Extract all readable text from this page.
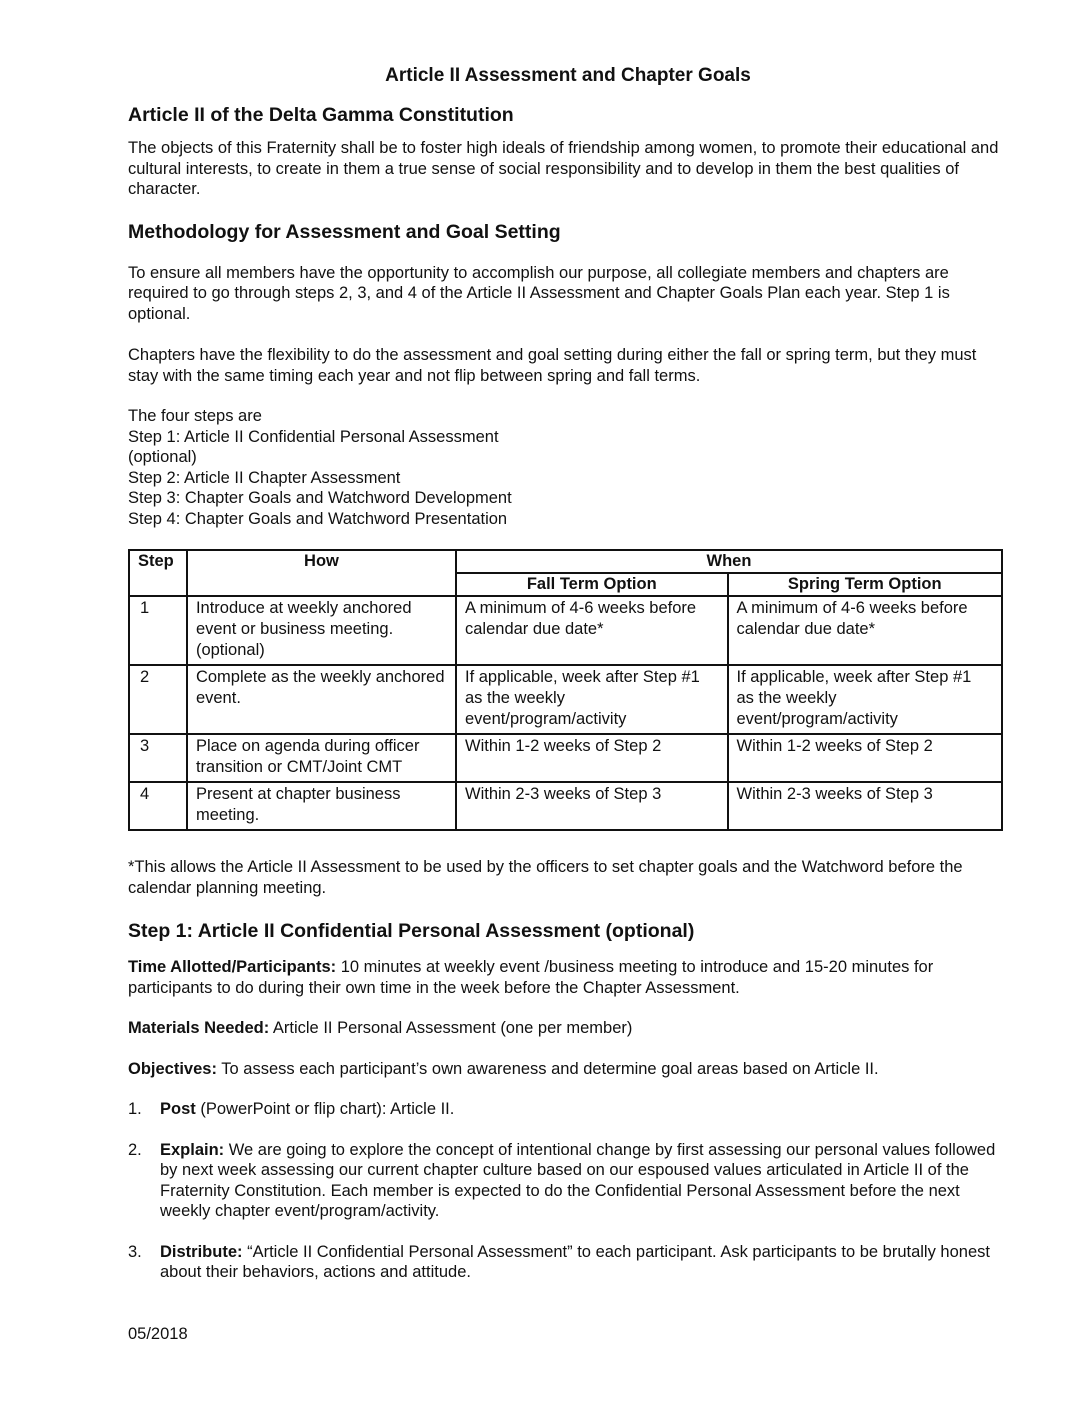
Article II Assessment and Chapter Goals
Article II of the Delta Gamma Constitution

The objects of this Fraternity shall be to foster high ideals of friendship among women, to promote their educational and cultural interests, to create in them a true sense of social responsibility and to develop in them the best qualities of character.

Methodology for Assessment and Goal Setting

To ensure all members have the opportunity to accomplish our purpose, all collegiate members and chapters are required to go through steps 2, 3, and 4 of the Article II Assessment and Chapter Goals Plan each year. Step 1 is optional.

Chapters have the flexibility to do the assessment and goal setting during either the fall or spring term, but they must stay with the same timing each year and not flip between spring and fall terms.

The four steps are
Step 1: Article II Confidential Personal Assessment
(optional)
Step 2: Article II Chapter Assessment
Step 3: Chapter Goals and Watchword Development
Step 4: Chapter Goals and Watchword Presentation
Step	How	When	
		Fall Term Option	Spring Term Option
1	Introduce at weekly anchored event or business meeting.(optional)	A minimum of 4-6 weeks before calendar due date*	A minimum of 4-6 weeks before calendar due date*
2	Complete as the weekly anchored event.	If applicable, week after Step #1 as the weekly event/program/activity	If applicable, week after Step #1 as the weekly event/program/activity
3	Place on agenda during officer transition or CMT/Joint CMT	Within 1-2 weeks of Step 2	Within 1-2 weeks of Step 2
4	Present at chapter business meeting.	Within 2-3 weeks of Step 3	Within 2-3 weeks of Step 3

*This allows the Article II Assessment to be used by the officers to set chapter goals and the Watchword before the calendar planning meeting.

Step 1: Article II Confidential Personal Assessment (optional)

Time Allotted/Participants: 10 minutes at weekly event /business meeting to introduce and 15-20 minutes for participants to do during their own time in the week before the Chapter Assessment.

Materials Needed: Article II Personal Assessment (one per member)

Objectives: To assess each participant’s own awareness and determine goal areas based on Article II.

1. Post (PowerPoint or flip chart): Article II.
2. Explain: We are going to explore the concept of intentional change by first assessing our personal values followed by next week assessing our current chapter culture based on our espoused values articulated in Article II of the Fraternity Constitution. Each member is expected to do the Confidential Personal Assessment before the next weekly chapter event/program/activity.
3. Distribute: “Article II Confidential Personal Assessment” to each participant. Ask participants to be brutally honest about their behaviors, actions and attitude.
05/2018
